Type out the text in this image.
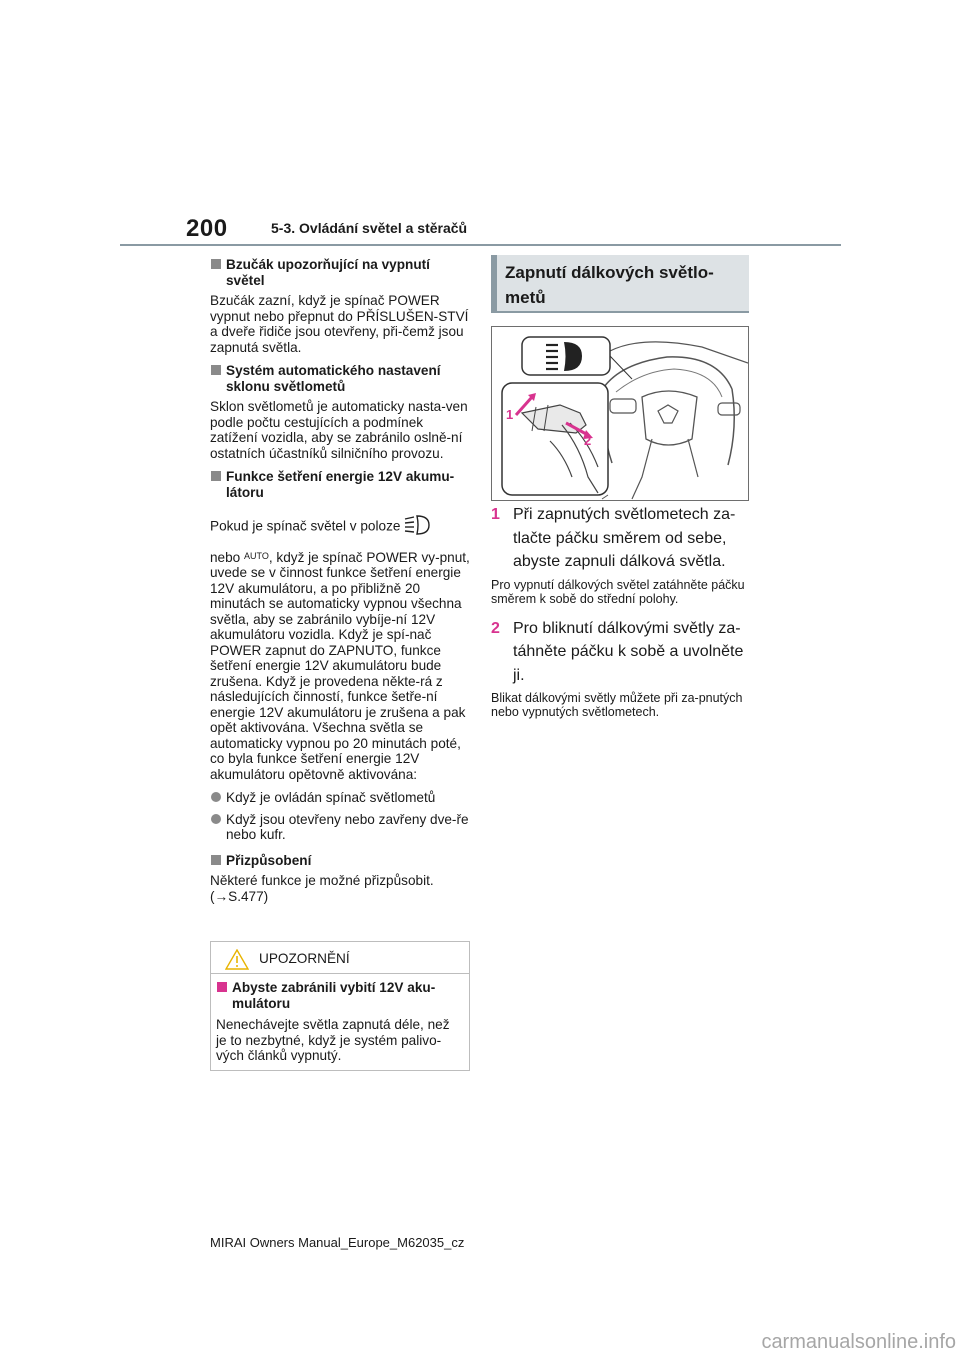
200	5-3. Ovládání světel a stěračů
Bzučák upozorňující na vypnutí světel

Bzučák zazní, když je spínač POWER vypnut nebo přepnut do PŘÍSLUŠEN-STVÍ a dveře řidiče jsou otevřeny, při-čemž jsou zapnutá světla.

Systém automatického nastavení sklonu světlometů

Sklon světlometů je automaticky nasta-ven podle počtu cestujících a podmínek zatížení vozidla, aby se zabránilo oslně-ní ostatních účastníků silničního provozu.

Funkce šetření energie 12V akumu-látoru

Pokud je spínač světel v poloze
nebo $^{AUTO}$, když je spínač POWER vy-pnut, uvede se v činnost funkce šetření energie 12V akumulátoru, a po přibližně 20 minutách se automaticky vypnou všechna světla, aby se zabránilo vybíje-ní 12V akumulátoru vozidla. Když je spí-nač POWER zapnut do ZAPNUTO, funkce šetření energie 12V akumulátoru bude zrušena. Když je provedena někte-rá z následujících činností, funkce šetře-ní energie 12V akumulátoru je zrušena a pak opět aktivována. Všechna světla se automaticky vypnou po 20 minutách poté, co byla funkce šetření energie 12V akumulátoru opětovně aktivována:

Když je ovládán spínač světlometů
Když jsou otevřeny nebo zavřeny dve-ře nebo kufr.
Přizpůsobení

Některé funkce je možné přizpůsobit. (→S.477)

UPOZORNĚNÍ
Abyste zabránili vybití 12V aku-mulátoru
Nenechávejte světla zapnutá déle, než je to nezbytné, když je systém palivo-vých článků vypnutý.
Zapnutí dálkových světlo-metů
1
2
1 Při zapnutých světlometech za-tlačte páčku směrem od sebe, abyste zapnuli dálková světla.

Pro vypnutí dálkových světel zatáhněte páčku směrem k sobě do střední polohy.

2 Pro bliknutí dálkovými světly za-táhněte páčku k sobě a uvolněte ji.

Blikat dálkovými světly můžete při za-pnutých nebo vypnutých světlometech.

MIRAI Owners Manual_Europe_M62035_cz
carmanualsonline.info
